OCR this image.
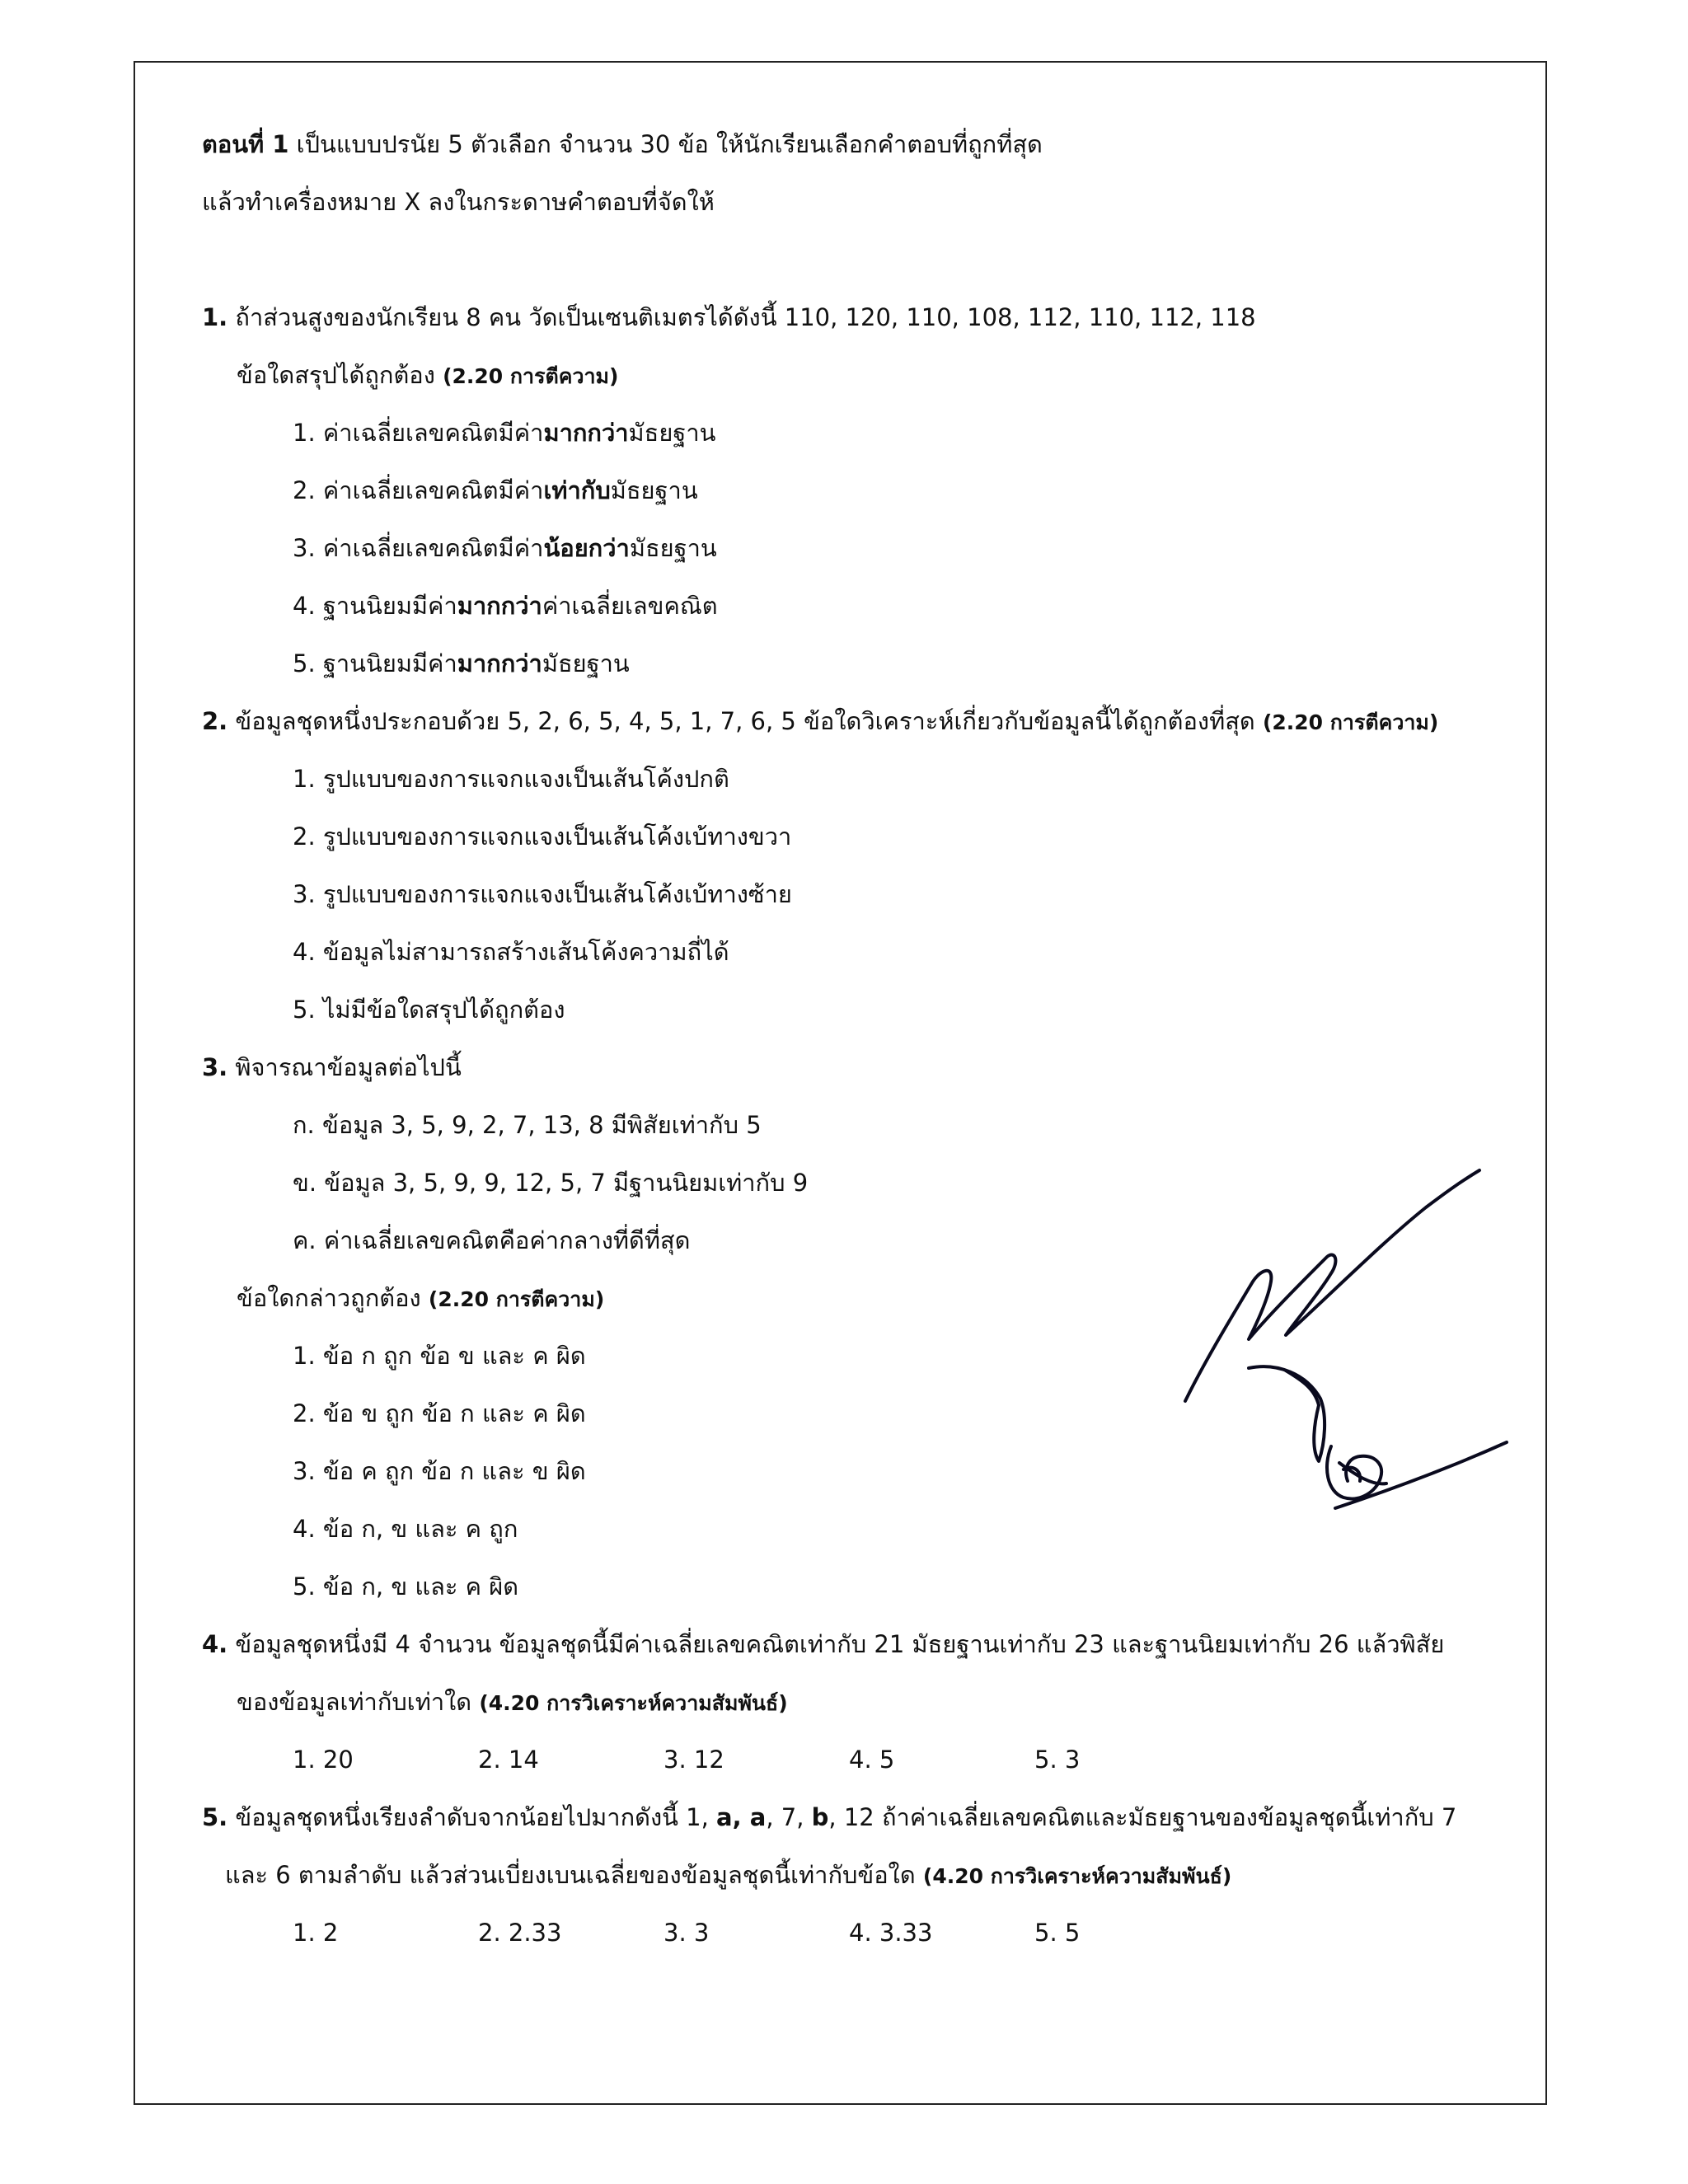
ตอนที่ 1 เป็นแบบปรนัย 5 ตัวเลือก จำนวน 30 ข้อ ให้นักเรียนเลือกคำตอบที่ถูกที่สุด
แล้วทำเครื่องหมาย X ลงในกระดาษคำตอบที่จัดให้
1. ถ้าส่วนสูงของนักเรียน 8 คน วัดเป็นเซนติเมตรได้ดังนี้ 110, 120, 110, 108, 112, 110, 112, 118
ข้อใดสรุปได้ถูกต้อง (2.20 การตีความ)
1. ค่าเฉลี่ยเลขคณิตมีค่ามากกว่ามัธยฐาน
2. ค่าเฉลี่ยเลขคณิตมีค่าเท่ากับมัธยฐาน
3. ค่าเฉลี่ยเลขคณิตมีค่าน้อยกว่ามัธยฐาน
4. ฐานนิยมมีค่ามากกว่าค่าเฉลี่ยเลขคณิต
5. ฐานนิยมมีค่ามากกว่ามัธยฐาน
2. ข้อมูลชุดหนึ่งประกอบด้วย 5, 2, 6, 5, 4, 5, 1, 7, 6, 5 ข้อใดวิเคราะห์เกี่ยวกับข้อมูลนี้ได้ถูกต้องที่สุด (2.20 การตีความ)
1. รูปแบบของการแจกแจงเป็นเส้นโค้งปกติ
2. รูปแบบของการแจกแจงเป็นเส้นโค้งเบ้ทางขวา
3. รูปแบบของการแจกแจงเป็นเส้นโค้งเบ้ทางซ้าย
4. ข้อมูลไม่สามารถสร้างเส้นโค้งความถี่ได้
5. ไม่มีข้อใดสรุปได้ถูกต้อง
3. พิจารณาข้อมูลต่อไปนี้
ก. ข้อมูล 3, 5, 9, 2, 7, 13, 8 มีพิสัยเท่ากับ 5
ข. ข้อมูล 3, 5, 9, 9, 12, 5, 7 มีฐานนิยมเท่ากับ 9
ค. ค่าเฉลี่ยเลขคณิตคือค่ากลางที่ดีที่สุด
ข้อใดกล่าวถูกต้อง (2.20 การตีความ)
1. ข้อ ก ถูก ข้อ ข และ ค ผิด
2. ข้อ ข ถูก ข้อ ก และ ค ผิด
3. ข้อ ค ถูก ข้อ ก และ ข ผิด
4. ข้อ ก, ข และ ค ถูก
5. ข้อ ก, ข และ ค ผิด
4. ข้อมูลชุดหนึ่งมี 4 จำนวน ข้อมูลชุดนี้มีค่าเฉลี่ยเลขคณิตเท่ากับ 21 มัธยฐานเท่ากับ 23 และฐานนิยมเท่ากับ 26 แล้วพิสัย
ของข้อมูลเท่ากับเท่าใด (4.20 การวิเคราะห์ความสัมพันธ์)
1. 20	2. 14	3. 12	4. 5	5. 3
5. ข้อมูลชุดหนึ่งเรียงลำดับจากน้อยไปมากดังนี้ 1, a, a, 7, b, 12 ถ้าค่าเฉลี่ยเลขคณิตและมัธยฐานของข้อมูลชุดนี้เท่ากับ 7
และ 6 ตามลำดับ แล้วส่วนเบี่ยงเบนเฉลี่ยของข้อมูลชุดนี้เท่ากับข้อใด (4.20 การวิเคราะห์ความสัมพันธ์)
1. 2	2. 2.33	3. 3	4. 3.33	5. 5
